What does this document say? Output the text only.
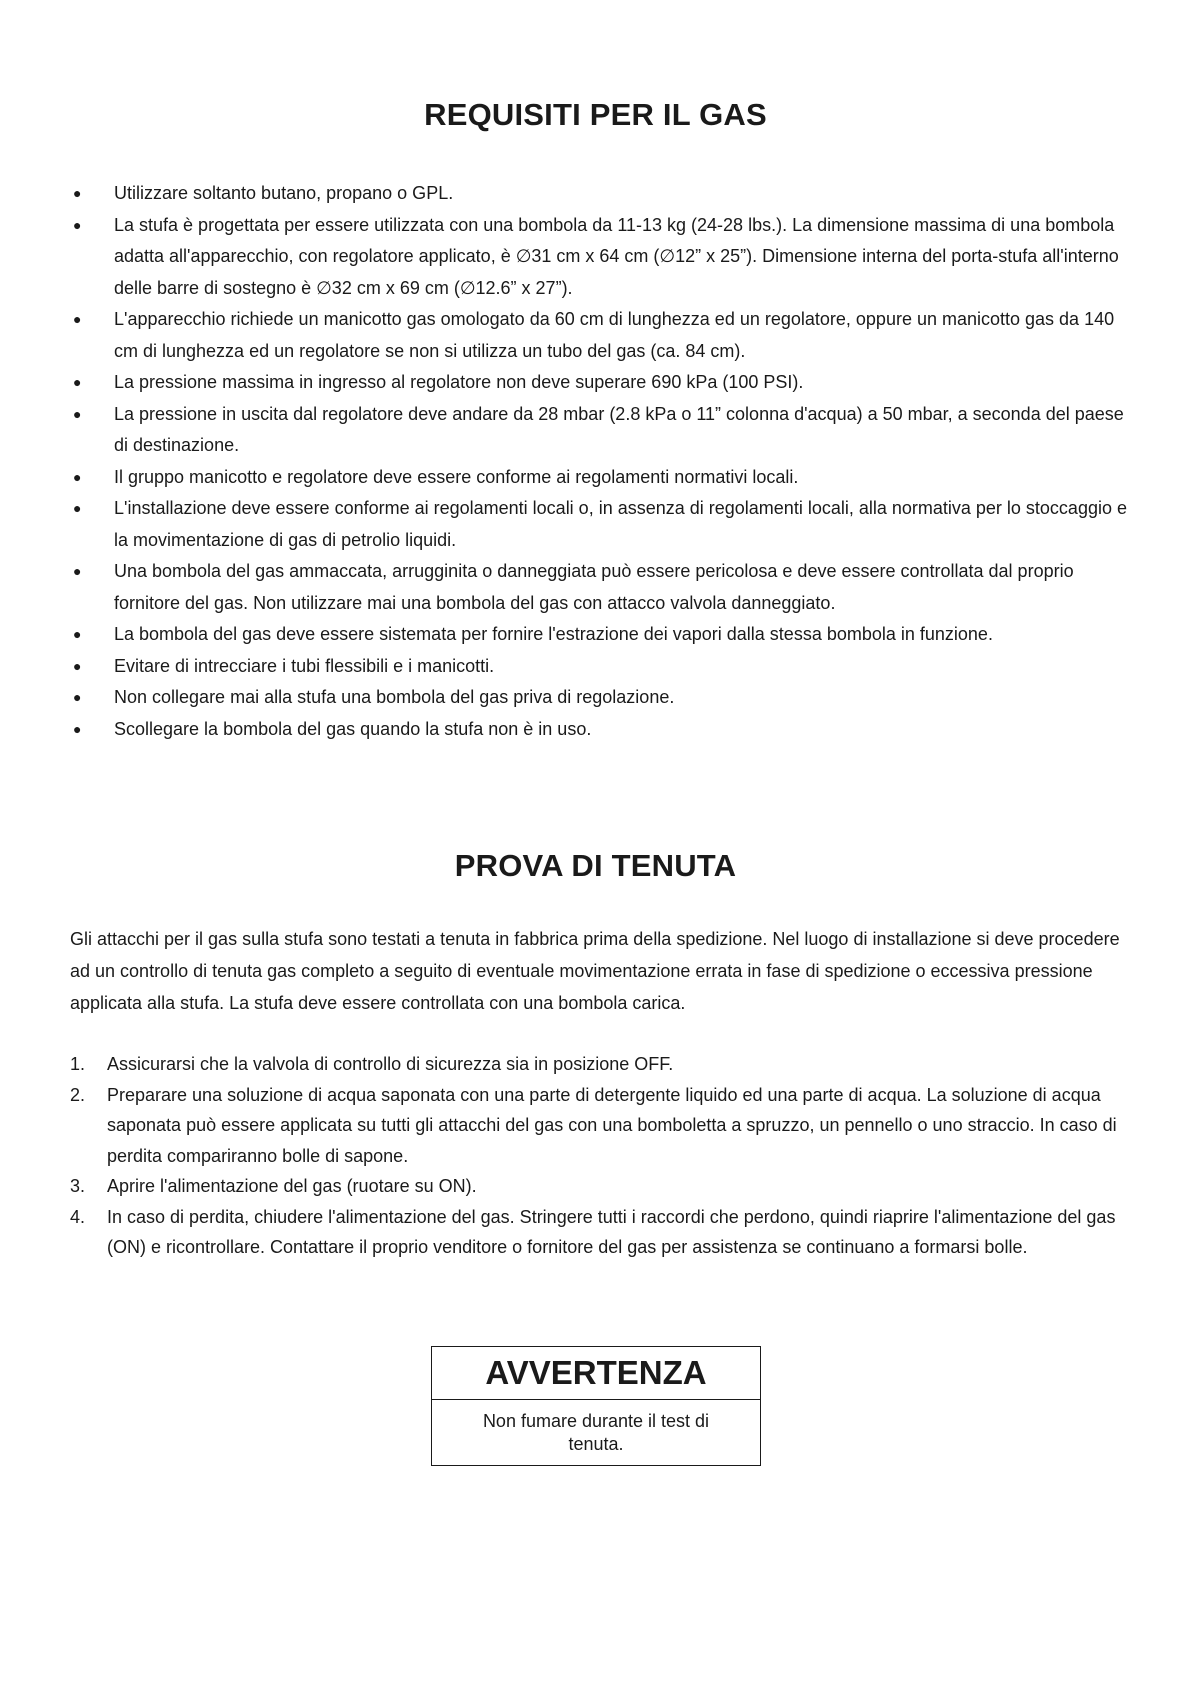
REQUISITI PER IL GAS
● Utilizzare soltanto butano, propano o GPL.
● La stufa è progettata per essere utilizzata con una bombola da 11-13 kg (24-28 lbs.). La dimensione massima di una bombola adatta all'apparecchio, con regolatore applicato, è ∅31 cm x 64 cm (∅12” x 25”). Dimensione interna del porta-stufa all'interno delle barre di sostegno è ∅32 cm x 69 cm (∅12.6” x 27”).
● L'apparecchio richiede un manicotto gas omologato da 60 cm di lunghezza ed un regolatore, oppure un manicotto gas da 140 cm di lunghezza ed un regolatore se non si utilizza un tubo del gas (ca. 84 cm).
● La pressione massima in ingresso al regolatore non deve superare 690 kPa (100 PSI).
● La pressione in uscita dal regolatore deve andare da 28 mbar (2.8 kPa o 11” colonna d'acqua) a 50 mbar, a seconda del paese di destinazione.
● Il gruppo manicotto e regolatore deve essere conforme ai regolamenti normativi locali.
● L'installazione deve essere conforme ai regolamenti locali o, in assenza di regolamenti locali, alla normativa per lo stoccaggio e la movimentazione di gas di petrolio liquidi.
● Una bombola del gas ammaccata, arrugginita o danneggiata può essere pericolosa e deve essere controllata dal proprio fornitore del gas. Non utilizzare mai una bombola del gas con attacco valvola danneggiato.
● La bombola del gas deve essere sistemata per fornire l'estrazione dei vapori dalla stessa bombola in funzione.
● Evitare di intrecciare i tubi flessibili e i manicotti.
● Non collegare mai alla stufa una bombola del gas priva di regolazione.
● Scollegare la bombola del gas quando la stufa non è in uso.
PROVA DI TENUTA

Gli attacchi per il gas sulla stufa sono testati a tenuta in fabbrica prima della spedizione. Nel luogo di installazione si deve procedere ad un controllo di tenuta gas completo a seguito di eventuale movimentazione errata in fase di spedizione o eccessiva pressione applicata alla stufa. La stufa deve essere controllata con una bombola carica.

1. Assicurarsi che la valvola di controllo di sicurezza sia in posizione OFF.
2. Preparare una soluzione di acqua saponata con una parte di detergente liquido ed una parte di acqua. La soluzione di acqua saponata può essere applicata su tutti gli attacchi del gas con una bomboletta a spruzzo, un pennello o uno straccio. In caso di perdita compariranno bolle di sapone.
3. Aprire l'alimentazione del gas (ruotare su ON).
4. In caso di perdita, chiudere l'alimentazione del gas. Stringere tutti i raccordi che perdono, quindi riaprire l'alimentazione del gas (ON) e ricontrollare. Contattare il proprio venditore o fornitore del gas per assistenza se continuano a formarsi bolle.
AVVERTENZA
Non fumare durante il test di tenuta.
